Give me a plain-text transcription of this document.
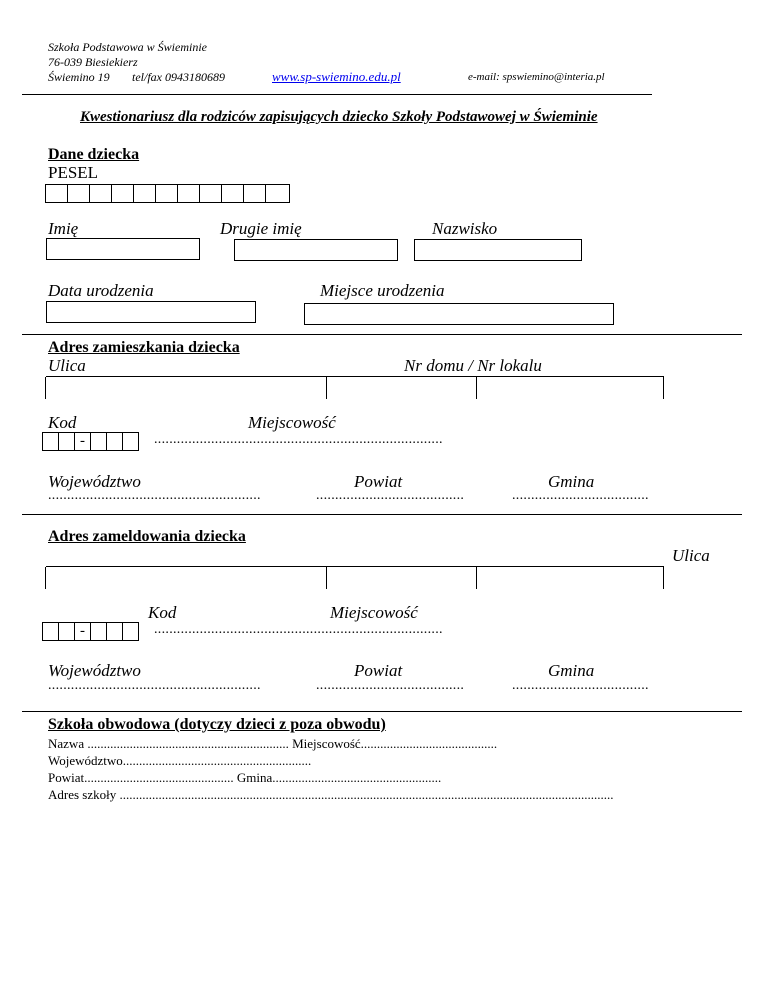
Szkoła Podstawowa w Świeminie
76-039 Biesiekierz
Świemino 19 tel/fax 0943180689	www.sp-swiemino.edu.pl	e-mail: spswiemino@interia.pl
Kwestionariusz dla rodziców zapisujących dziecko Szkoły Podstawowej w Świeminie
Dane dziecka
PESEL
Imię	Drugie imię	Nazwisko
Data urodzenia	Miejsce urodzenia
Adres zamieszkania dziecka
Ulica	Nr domu / Nr lokalu
Kod	Miejscowość
-	............................................................................
Województwo	Powiat	Gmina
........................................................	.......................................	....................................
Adres zameldowania dziecka
Ulica
Kod	Miejscowość
-	............................................................................
Województwo	Powiat	Gmina
........................................................	.......................................	....................................
Szkoła obwodowa (dotyczy dzieci z poza obwodu)
Nazwa .............................................................. Miejscowość..........................................
Województwo..........................................................
Powiat.............................................. Gmina....................................................
Adres szkoły ........................................................................................................................................................
